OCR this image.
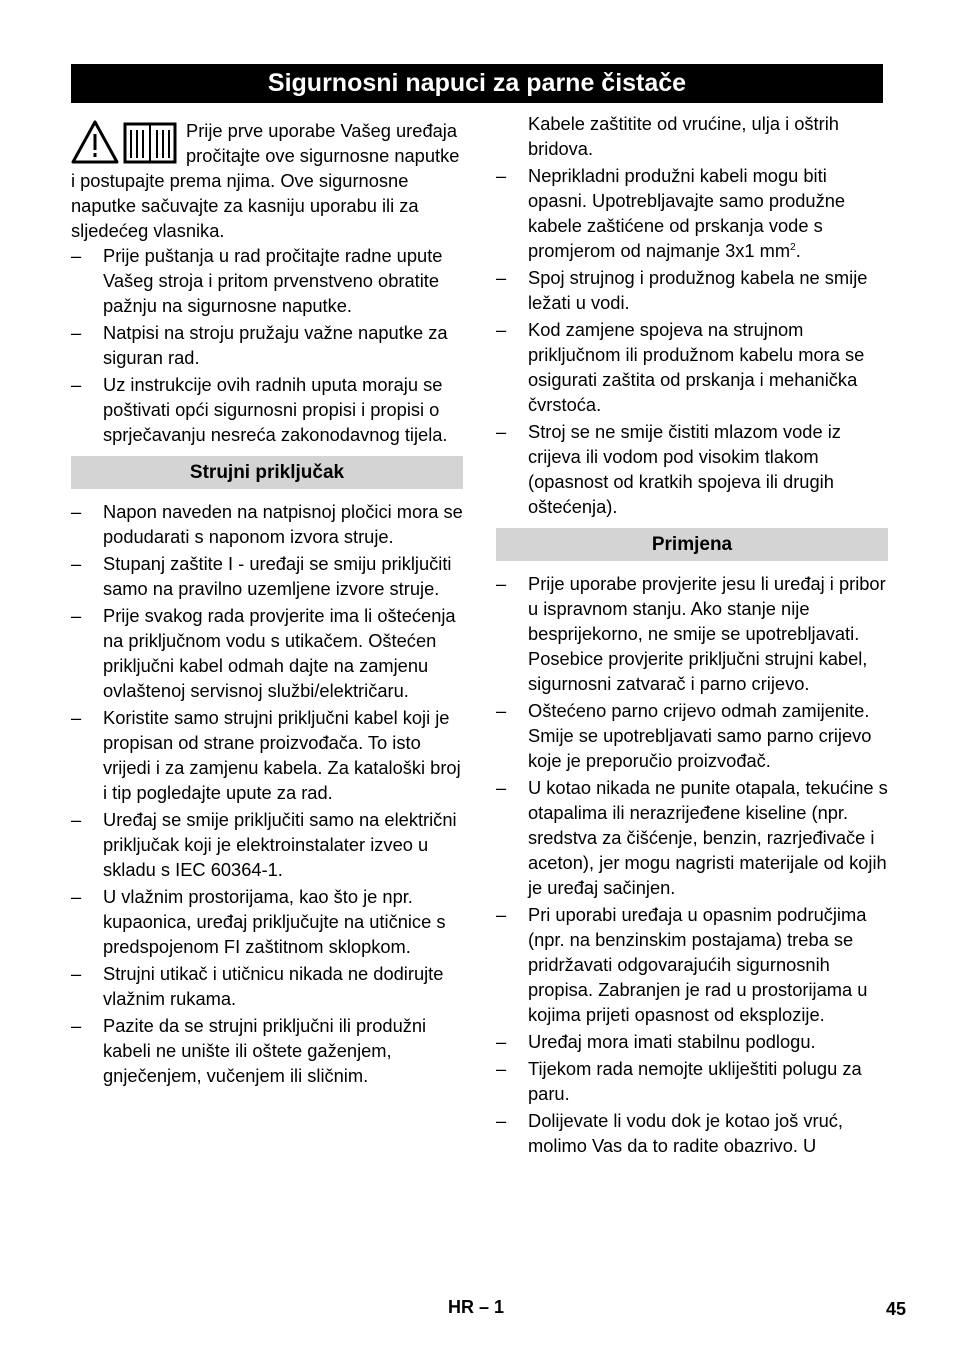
Sigurnosni napuci za parne čistače
Prije prve uporabe Vašeg uređaja pročitajte ove sigurnosne naputke i postupajte prema njima. Ove sigurnosne naputke sačuvajte za kasniju uporabu ili za sljedećeg vlasnika.
– Prije puštanja u rad pročitajte radne upute Vašeg stroja i pritom prvenstveno obratite pažnju na sigurnosne naputke.
– Natpisi na stroju pružaju važne naputke za siguran rad.
– Uz instrukcije ovih radnih uputa moraju se poštivati opći sigurnosni propisi i propisi o sprječavanju nesreća zakonodavnog tijela.
Strujni priključak
– Napon naveden na natpisnoj pločici mora se podudarati s naponom izvora struje.
– Stupanj zaštite I - uređaji se smiju priključiti samo na pravilno uzemljene izvore struje.
– Prije svakog rada provjerite ima li oštećenja na priključnom vodu s utikačem. Oštećen priključni kabel odmah dajte na zamjenu ovlaštenoj servisnoj službi/električaru.
– Koristite samo strujni priključni kabel koji je propisan od strane proizvođača. To isto vrijedi i za zamjenu kabela. Za kataloški broj i tip pogledajte upute za rad.
– Uređaj se smije priključiti samo na električni priključak koji je elektroinstalater izveo u skladu s IEC 60364-1.
– U vlažnim prostorijama, kao što je npr. kupaonica, uređaj priključujte na utičnice s predspojenom FI zaštitnom sklopkom.
– Strujni utikač i utičnicu nikada ne dodirujte vlažnim rukama.
– Pazite da se strujni priključni ili produžni kabeli ne unište ili oštete gaženjem, gnječenjem, vučenjem ili sličnim.
Kabele zaštitite od vrućine, ulja i oštrih bridova.
– Neprikladni produžni kabeli mogu biti opasni. Upotrebljavajte samo produžne kabele zaštićene od prskanja vode s promjerom od najmanje 3x1 $mm^2$.
– Spoj strujnog i produžnog kabela ne smije ležati u vodi.
– Kod zamjene spojeva na strujnom priključnom ili produžnom kabelu mora se osigurati zaštita od prskanja i mehanička čvrstoća.
– Stroj se ne smije čistiti mlazom vode iz crijeva ili vodom pod visokim tlakom (opasnost od kratkih spojeva ili drugih oštećenja).
Primjena
– Prije uporabe provjerite jesu li uređaj i pribor u ispravnom stanju. Ako stanje nije besprijekorno, ne smije se upotrebljavati. Posebice provjerite priključni strujni kabel, sigurnosni zatvarač i parno crijevo.
– Oštećeno parno crijevo odmah zamijenite. Smije se upotrebljavati samo parno crijevo koje je preporučio proizvođač.
– U kotao nikada ne punite otapala, tekućine s otapalima ili nerazrijeđene kiseline (npr. sredstva za čišćenje, benzin, razrjeđivače i aceton), jer mogu nagristi materijale od kojih je uređaj sačinjen.
– Pri uporabi uređaja u opasnim područjima (npr. na benzinskim postajama) treba se pridržavati odgovarajućih sigurnosnih propisa. Zabranjen je rad u prostorijama u kojima prijeti opasnost od eksplozije.
– Uređaj mora imati stabilnu podlogu.
– Tijekom rada nemojte ukliještiti polugu za paru.
– Dolijevate li vodu dok je kotao još vruć, molimo Vas da to radite obazrivo. U
HR – 1	45
